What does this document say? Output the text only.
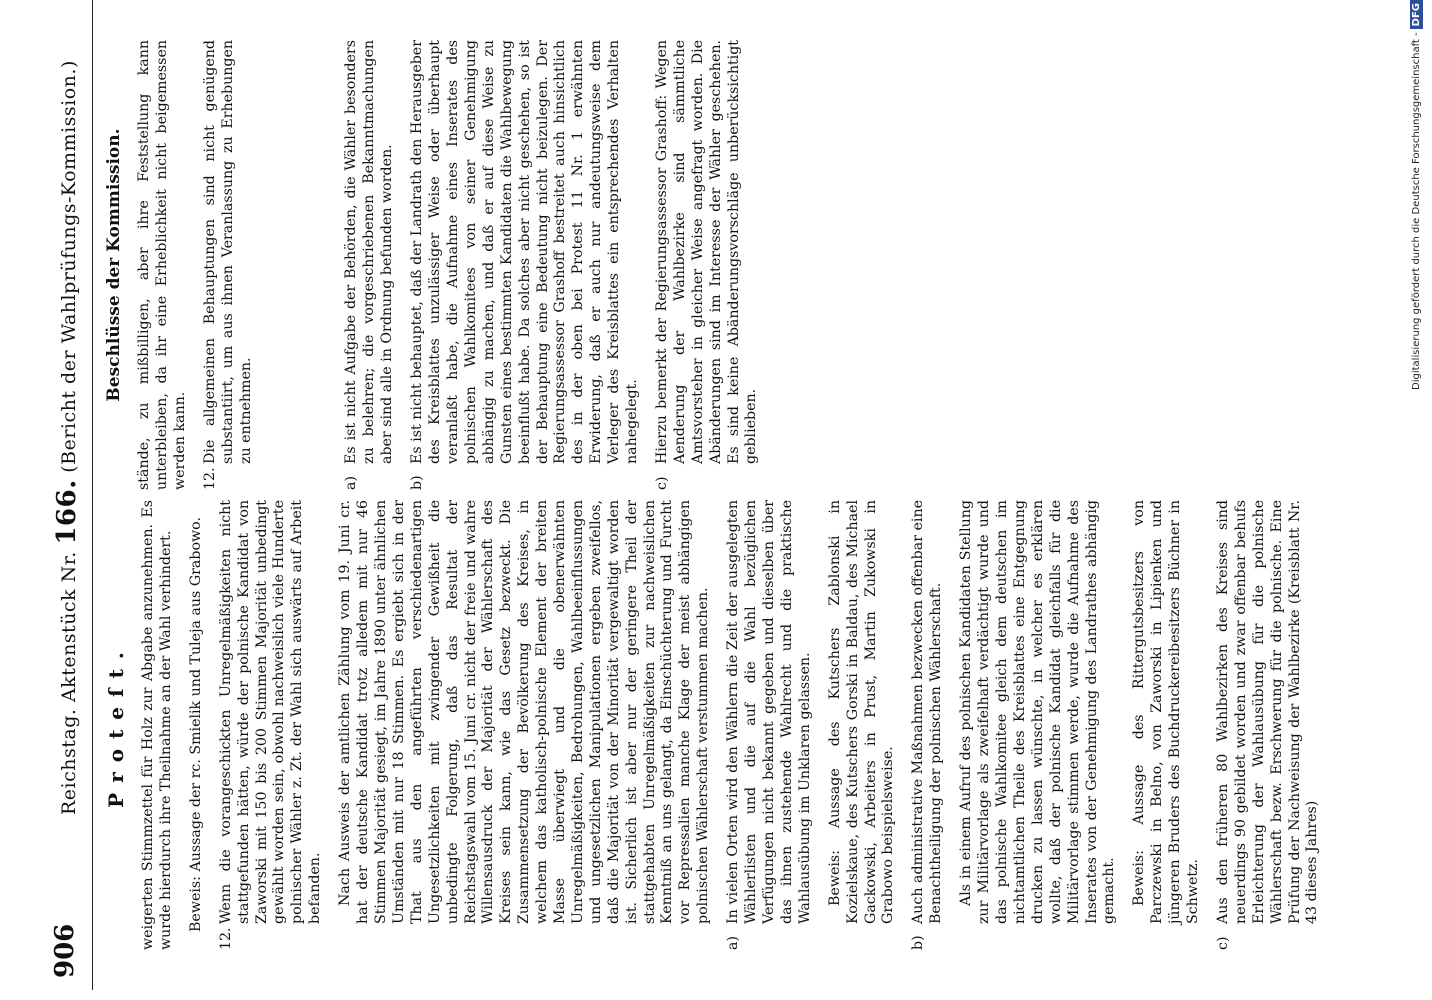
906
Reichstag. Aktenstück Nr. 166. (Bericht der Wahlprüfungs-Kommission.)
Proteſt. weigerten Stimmzettel für Holz zur Abgabe anzunehmen. Es wurde hierdurch ihre Theilnahme an der Wahl verhindert. Beweis: Aussage der rc. Smielik und Tuleja aus Grabowo.

12.

Wenn die vorangeschickten Unregelmäßigkeiten nicht stattgefunden hätten, würde der polnische Kandidat von Zaworski mit 150 bis 200 Stimmen Majorität unbedingt gewählt worden sein, obwohl nachweislich viele Hunderte polnischer Wähler z. Zt. der Wahl sich auswärts auf Arbeit befanden. Nach Ausweis der amtlichen Zählung vom 19. Juni cr. hat der deutsche Kandidat trotz alledem mit nur 46 Stimmen Majorität gesiegt, im Jahre 1890 unter ähnlichen Umständen mit nur 18 Stimmen. Es ergiebt sich in der That aus den angeführten verschiedenartigen Ungesetzlichkeiten mit zwingender Gewißheit die unbedingte Folgerung, daß das Resultat der Reichstagswahl vom 15. Juni cr. nicht der freie und wahre Willensausdruck der Majorität der Wählerschaft des Kreises sein kann, wie das Gesetz bezweckt. Die Zusammensetzung der Bevölkerung des Kreises, in welchem das katholisch-polnische Element der breiten Masse überwiegt und die obenerwähnten Unregelmäßigkeiten, Bedrohungen, Wahlbeeinflussungen und ungesetzlichen Manipulationen ergeben zweifellos, daß die Majorität von der Minorität vergewaltigt worden ist. Sicherlich ist aber nur der geringere Theil der stattgehabten Unregelmäßigkeiten zur nachweislichen Kenntniß an uns gelangt, da Einschüchterung und Furcht vor Repressalien manche Klage der meist abhängigen polnischen Wählerschaft verstummen machen.

a)

In vielen Orten wird den Wählern die Zeit der ausgelegten Wählerlisten und die auf die Wahl bezüglichen Verfügungen nicht bekannt gegeben und dieselben über das ihnen zustehende Wahlrecht und die praktische Wahlausübung im Unklaren gelassen. Beweis: Aussage des Kutschers Zablonski in Kozielskaue, des Kutschers Gorski in Baldau, des Michael Gackowski, Arbeiters in Prust, Martin Zukowski in Grabowo beispielsweise.

b)

Auch administrative Maßnahmen bezwecken offenbar eine Benachtheiligung der polnischen Wählerschaft. Als in einem Aufruf des polnischen Kandidaten Stellung zur Militärvorlage als zweifelhaft verdächtigt wurde und das polnische Wahlkomitee gleich dem deutschen im nichtamtlichen Theile des Kreisblattes eine Entgegnung drucken zu lassen wünschte, in welcher es erklären wollte, daß der polnische Kandidat gleichfalls für die Militärvorlage stimmen werde, wurde die Aufnahme des Inserates von der Genehmigung des Landrathes abhängig gemacht. Beweis: Aussage des Rittergutsbesitzers von Parczewski in Belno, von Zaworski in Lipienken und jüngeren Bruders des Buchdruckereibesitzers Büchner in Schwetz.

c)

Aus den früheren 80 Wahlbezirken des Kreises sind neuerdings 90 gebildet worden und zwar offenbar behufs Erleichterung der Wahlausübung für die polnische Wählerschaft bezw. Erschwerung für die polnische. Eine Prüfung der Nachweisung der Wahlbezirke (Kreisblatt Nr. 43 dieses Jahres)

Beschlüsse der Kommission. stände, zu mißbilligen, aber ihre Feststellung kann unterbleiben, da ihr eine Erheblichkeit nicht beigemessen werden kann. 12.

Die allgemeinen Behauptungen sind nicht genügend substantiirt, um aus ihnen Veranlassung zu Erhebungen zu entnehmen.

a)

Es ist nicht Aufgabe der Behörden, die Wähler besonders zu belehren; die vorgeschriebenen Bekanntmachungen aber sind alle in Ordnung befunden worden.

b)

Es ist nicht behauptet, daß der Landrath den Herausgeber des Kreisblattes unzulässiger Weise oder überhaupt veranlaßt habe, die Aufnahme eines Inserates des polnischen Wahlkomitees von seiner Genehmigung abhängig zu machen, und daß er auf diese Weise zu Gunsten eines bestimmten Kandidaten die Wahlbewegung beeinflußt habe. Da solches aber nicht geschehen, so ist der Behauptung eine Bedeutung nicht beizulegen. Der Regierungsassessor Grashoff bestreitet auch hinsichtlich des in der oben bei Protest 11 Nr. 1 erwähnten Erwiderung, daß er auch nur andeutungsweise dem Verleger des Kreisblattes ein entsprechendes Verhalten nahegelegt.

c)

Hierzu bemerkt der Regierungsassessor Grashoff: Wegen Aenderung der Wahlbezirke sind sämmtliche Amtsvorsteher in gleicher Weise angefragt worden. Die Abänderungen sind im Interesse der Wähler geschehen. Es sind keine Abänderungsvorschläge unberücksichtigt geblieben.

Digitalisierung gefördert durch die Deutsche Forschungsgemeinschaft -DFG
